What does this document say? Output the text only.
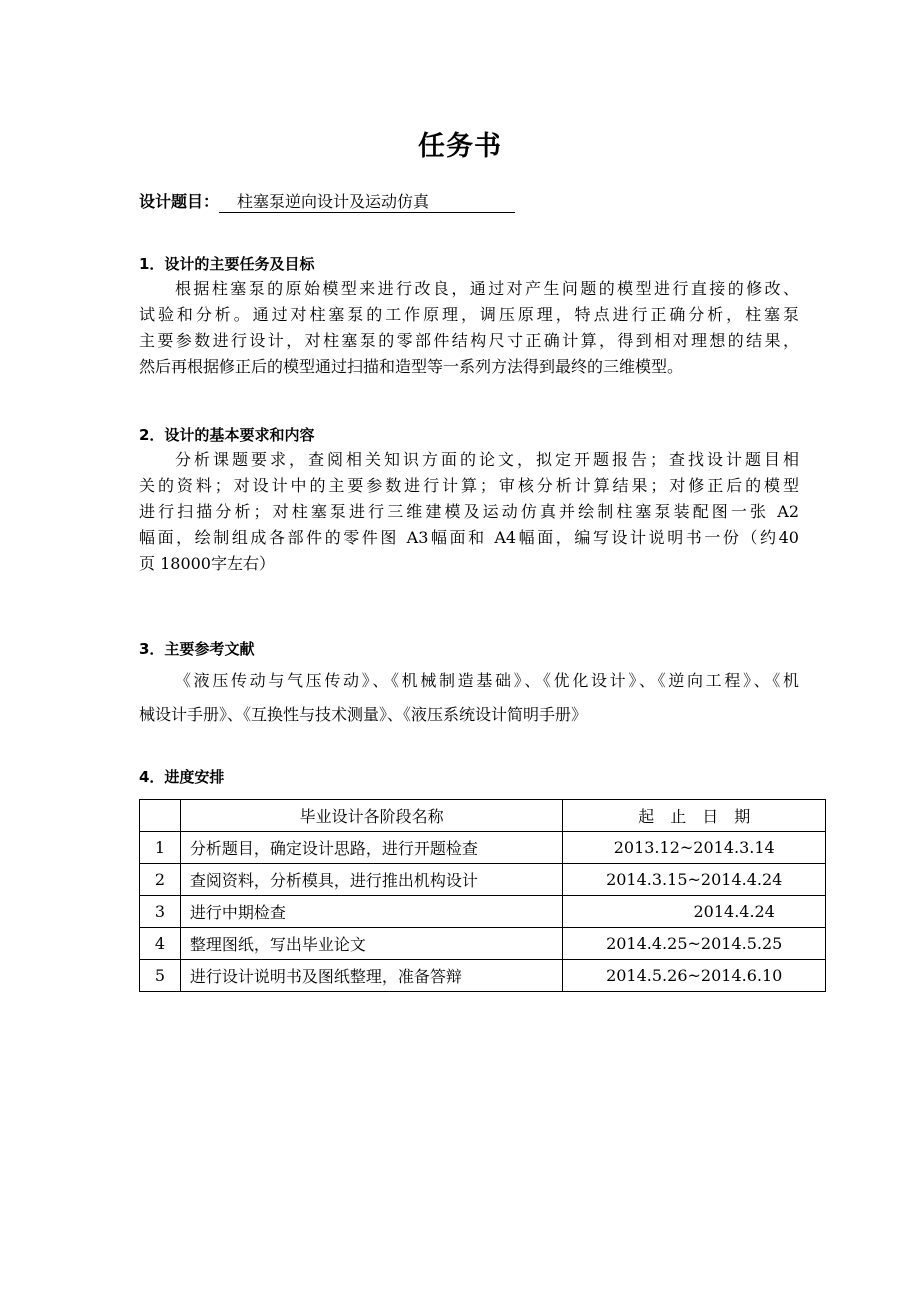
任务书
设计题目： 柱塞泵逆向设计及运动仿真
1．设计的主要任务及目标
根据柱塞泵的原始模型来进行改良，通过对产生问题的模型进行直接的修改、
试验和分析。通过对柱塞泵的工作原理，调压原理，特点进行正确分析，柱塞泵
主要参数进行设计，对柱塞泵的零部件结构尺寸正确计算，得到相对理想的结果，
然后再根据修正后的模型通过扫描和造型等一系列方法得到最终的三维模型。
2．设计的基本要求和内容
分析课题要求，查阅相关知识方面的论文，拟定开题报告；查找设计题目相
关的资料；对设计中的主要参数进行计算；审核分析计算结果；对修正后的模型
进行扫描分析；对柱塞泵进行三维建模及运动仿真并绘制柱塞泵装配图一张 A2
幅面，绘制组成各部件的零件图 A3幅面和 A4幅面，编写设计说明书一份（约40
页 18000字左右）
3．主要参考文献
《液压传动与气压传动》、《机械制造基础》、《优化设计》、《逆向工程》、《机
械设计手册》、《互换性与技术测量》、《液压系统设计简明手册》
4．进度安排
	毕业设计各阶段名称	起　止　日　期
1	分析题目，确定设计思路，进行开题检查	2013.12~2014.3.14
2	查阅资料，分析模具，进行推出机构设计	2014.3.15~2014.4.24
3	进行中期检查	2014.4.24
4	整理图纸，写出毕业论文	2014.4.25~2014.5.25
5	进行设计说明书及图纸整理，准备答辩	2014.5.26~2014.6.10
